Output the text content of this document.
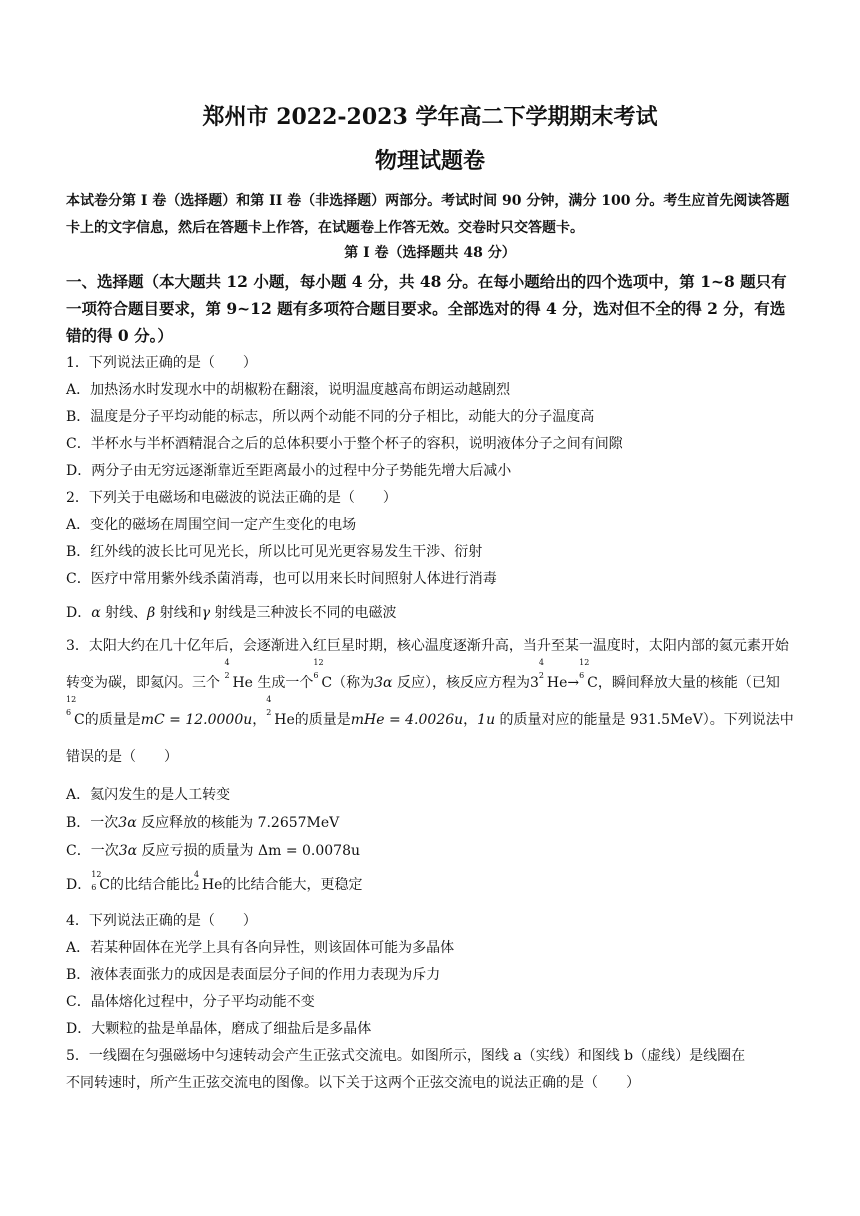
郑州市 2022-2023 学年高二下学期期末考试
物理试题卷
本试卷分第 I 卷（选择题）和第 II 卷（非选择题）两部分。考试时间 90 分钟，满分 100 分。考生应首先阅读答题卡上的文字信息，然后在答题卡上作答，在试题卷上作答无效。交卷时只交答题卡。
第 I 卷（选择题共 48 分）
一、选择题（本大题共 12 小题，每小题 4 分，共 48 分。在每小题给出的四个选项中，第 1~8 题只有一项符合题目要求，第 9~12 题有多项符合题目要求。全部选对的得 4 分，选对但不全的得 2 分，有选错的得 0 分。）
1．下列说法正确的是（　　）
A．加热汤水时发现水中的胡椒粉在翻滚，说明温度越高布朗运动越剧烈
B．温度是分子平均动能的标志，所以两个动能不同的分子相比，动能大的分子温度高
C．半杯水与半杯酒精混合之后的总体积要小于整个杯子的容积，说明液体分子之间有间隙
D．两分子由无穷远逐渐靠近至距离最小的过程中分子势能先增大后减小
2．下列关于电磁场和电磁波的说法正确的是（　　）
A．变化的磁场在周围空间一定产生变化的电场
B．红外线的波长比可见光长，所以比可见光更容易发生干涉、衍射
C．医疗中常用紫外线杀菌消毒，也可以用来长时间照射人体进行消毒
D．α 射线、β 射线和γ 射线是三种波长不同的电磁波
3．太阳大约在几十亿年后，会逐渐进入红巨星时期，核心温度逐渐升高，当升至某一温度时，太阳内部的氦元素开始转变为碳，即氦闪。三个
4
2 He 生成一个
12
6 C（称为3α 反应），核反应方程为3
4
2 He→
12
6 C，瞬间释放大量的核能（已知
12
6 C的质量是mC = 12.0000u，
4
2 He的质量是mHe = 4.0026u，1u 的质量对应的能量是 931.5MeV）。下列说法中错误的是（　　）
A．氦闪发生的是人工转变
B．一次3α 反应释放的核能为 7.2657MeV
C．一次3α 反应亏损的质量为 Δm = 0.0078u
D．
12
6 C的比结合能比
4
2 He的比结合能大，更稳定
4．下列说法正确的是（　　）
A．若某种固体在光学上具有各向异性，则该固体可能为多晶体
B．液体表面张力的成因是表面层分子间的作用力表现为斥力
C．晶体熔化过程中，分子平均动能不变
D．大颗粒的盐是单晶体，磨成了细盐后是多晶体
5．一线圈在匀强磁场中匀速转动会产生正弦式交流电。如图所示，图线 a（实线）和图线 b（虚线）是线圈在
不同转速时，所产生正弦交流电的图像。以下关于这两个正弦交流电的说法正确的是（　　）
